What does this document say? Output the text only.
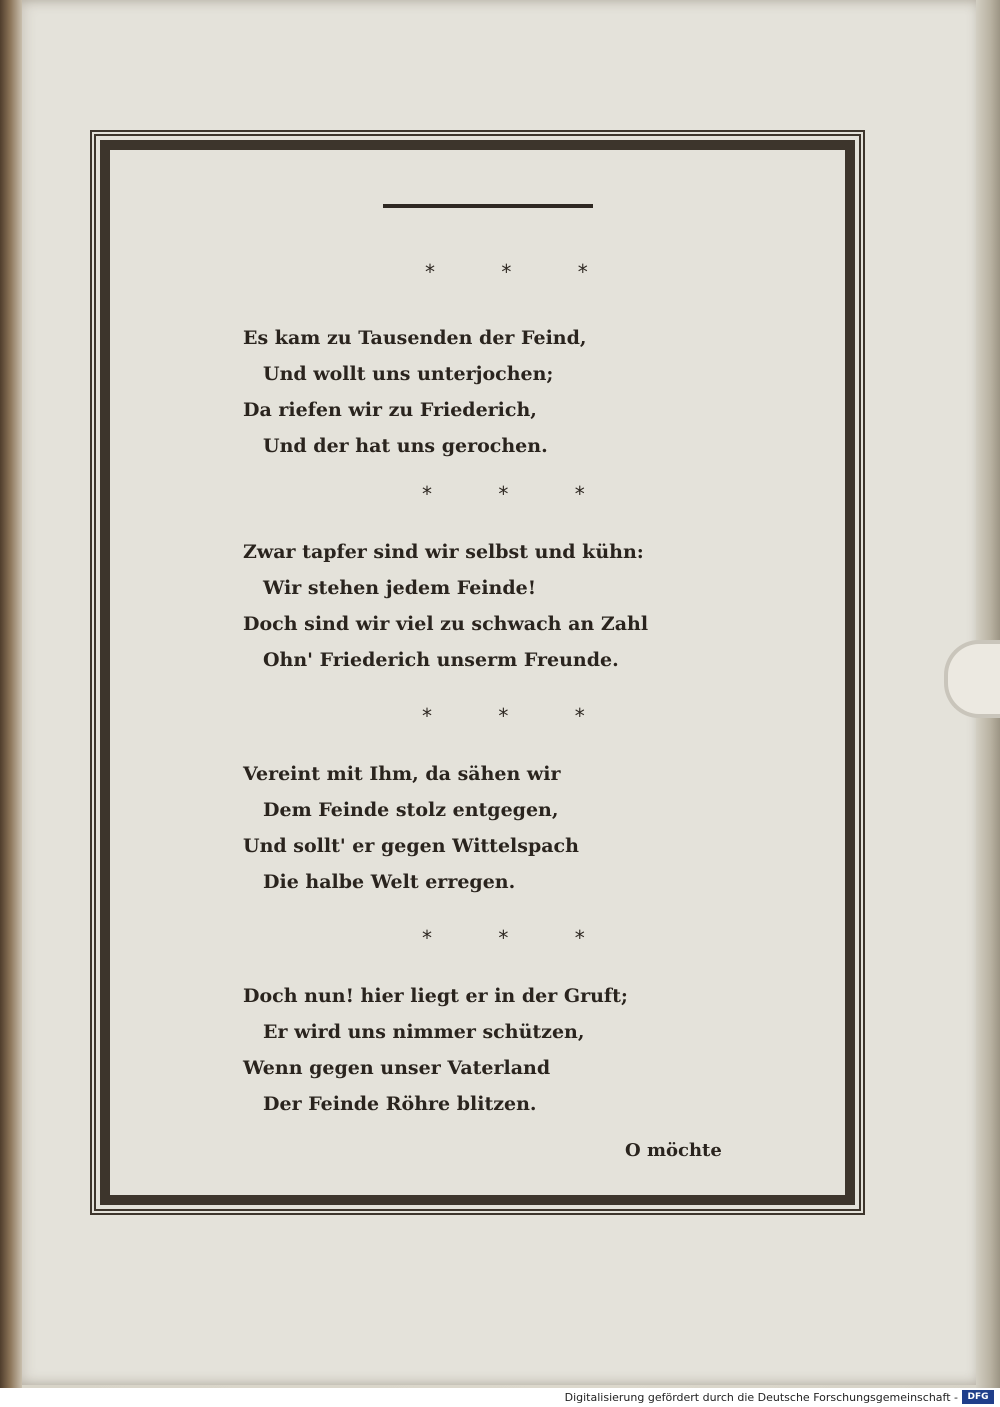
* * *
Es kam zu Tausenden der Feind,
Und wollt uns unterjochen;
Da riefen wir zu Friederich,
Und der hat uns gerochen.
* * *
Zwar tapfer sind wir selbst und kühn:
Wir stehen jedem Feinde!
Doch sind wir viel zu schwach an Zahl
Ohn' Friederich unserm Freunde.
* * *
Vereint mit Ihm, da sähen wir
Dem Feinde stolz entgegen,
Und sollt' er gegen Wittelspach
Die halbe Welt erregen.
* * *
Doch nun! hier liegt er in der Gruft;
Er wird uns nimmer schützen,
Wenn gegen unser Vaterland
Der Feinde Röhre blitzen.
O möchte
Digitalisierung gefördert durch die Deutsche Forschungsgemeinschaft -	DFG
